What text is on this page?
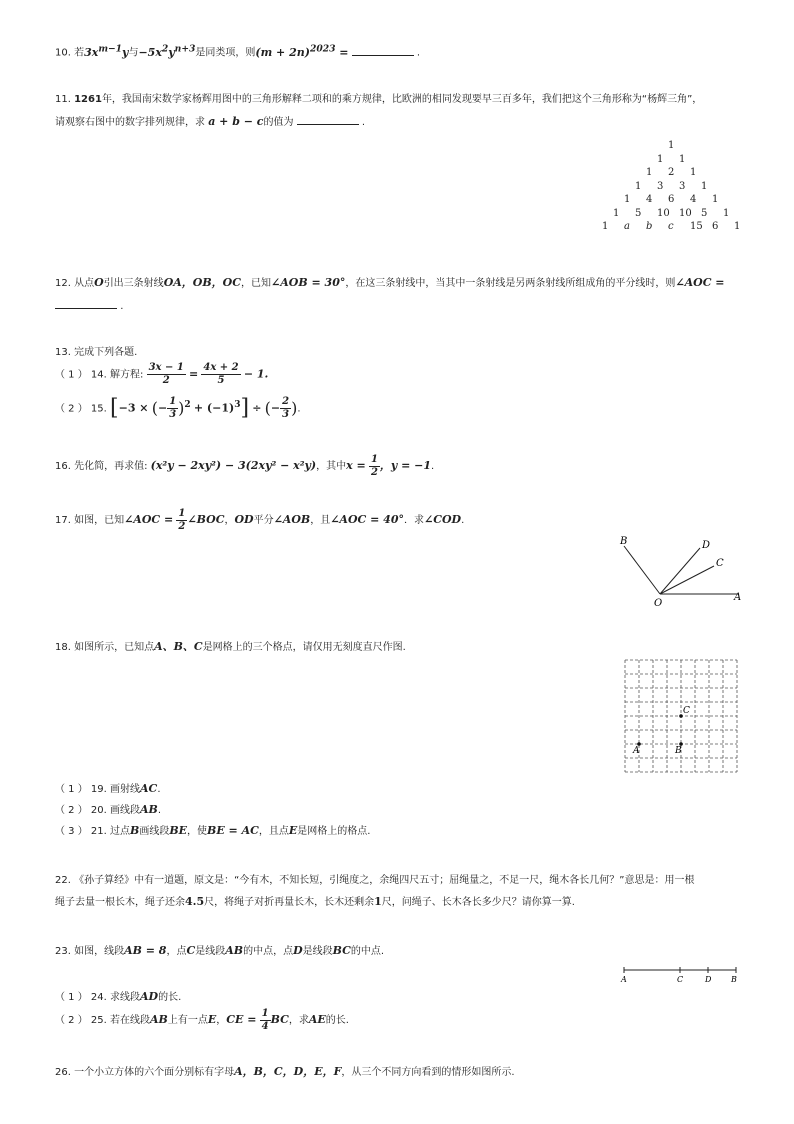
10. 若$3x^{m-1}y$与$-5x^2y^{n+3}$是同类项，则$(m + 2n)^{2023}$ =	.
11. 1261年，我国南宋数学家杨辉用图中的三角形解释二项和的乘方规律，比欧洲的相同发现要早三百多年，我们把这个三角形称为“杨辉三角”，
请观察右图中的数字排列规律，求 a + b − c的值为	.
1
1 1
1 2 1
1 3 3 1
1 4 6 4 1
1 5 10 10 5 1
1 a b c 15 6 1
12. 从点O引出三条射线OA，OB，OC，已知∠AOB = 30°，在这三条射线中，当其中一条射线是另两条射线所组成角的平分线时，则∠AOC =
.
13. 完成下列各题.
（ 1 ） 14. 解方程: $\frac{3x - 1}{2} = \frac{4x + 2}{5} - 1$.
（ 2 ） 15. [−3 × (− $\frac{1}{3} )^2 + (-1)^3$] ÷ (− $\frac{2}{3}$ ).
16. 先化简，再求值: (x²y − 2xy²) − 3(2xy² − x²y)，其中$x = \frac{1}{2}$ ，y = −1.
17. 如图，已知∠AOC = $\frac{1}{2}$ ∠BOC，OD平分∠AOB，且∠AOC = 40°．求∠COD.
B	D
C
O
A
18. 如图所示，已知点A、B、C是网格上的三个格点，请仅用无刻度直尺作图.
A	B
C
（ 1 ） 19. 画射线AC.
（ 2 ） 20. 画线段AB.
（ 3 ） 21. 过点B画线段BE，使BE = AC，且点E是网格上的格点.
22. 《孙子算经》中有一道题，原文是：“今有木，不知长短，引绳度之，余绳四尺五寸；屈绳量之，不足一尺，绳木各长几何？”意思是：用一根
绳子去量一根长木，绳子还余4.5尺，将绳子对折再量长木，长木还剩余1尺，问绳子、长木各长多少尺？请你算一算.
23. 如图，线段AB = 8，点C是线段AB的中点，点D是线段BC的中点.
A	C	D B
（ 1 ） 24. 求线段AD的长.
（ 2 ） 25. 若在线段AB上有一点E，CE = $\frac{1}{4}$ BC，求AE的长.
26. 一个小立方体的六个面分别标有字母A，B，C，D，E，F，从三个不同方向看到的情形如图所示.
